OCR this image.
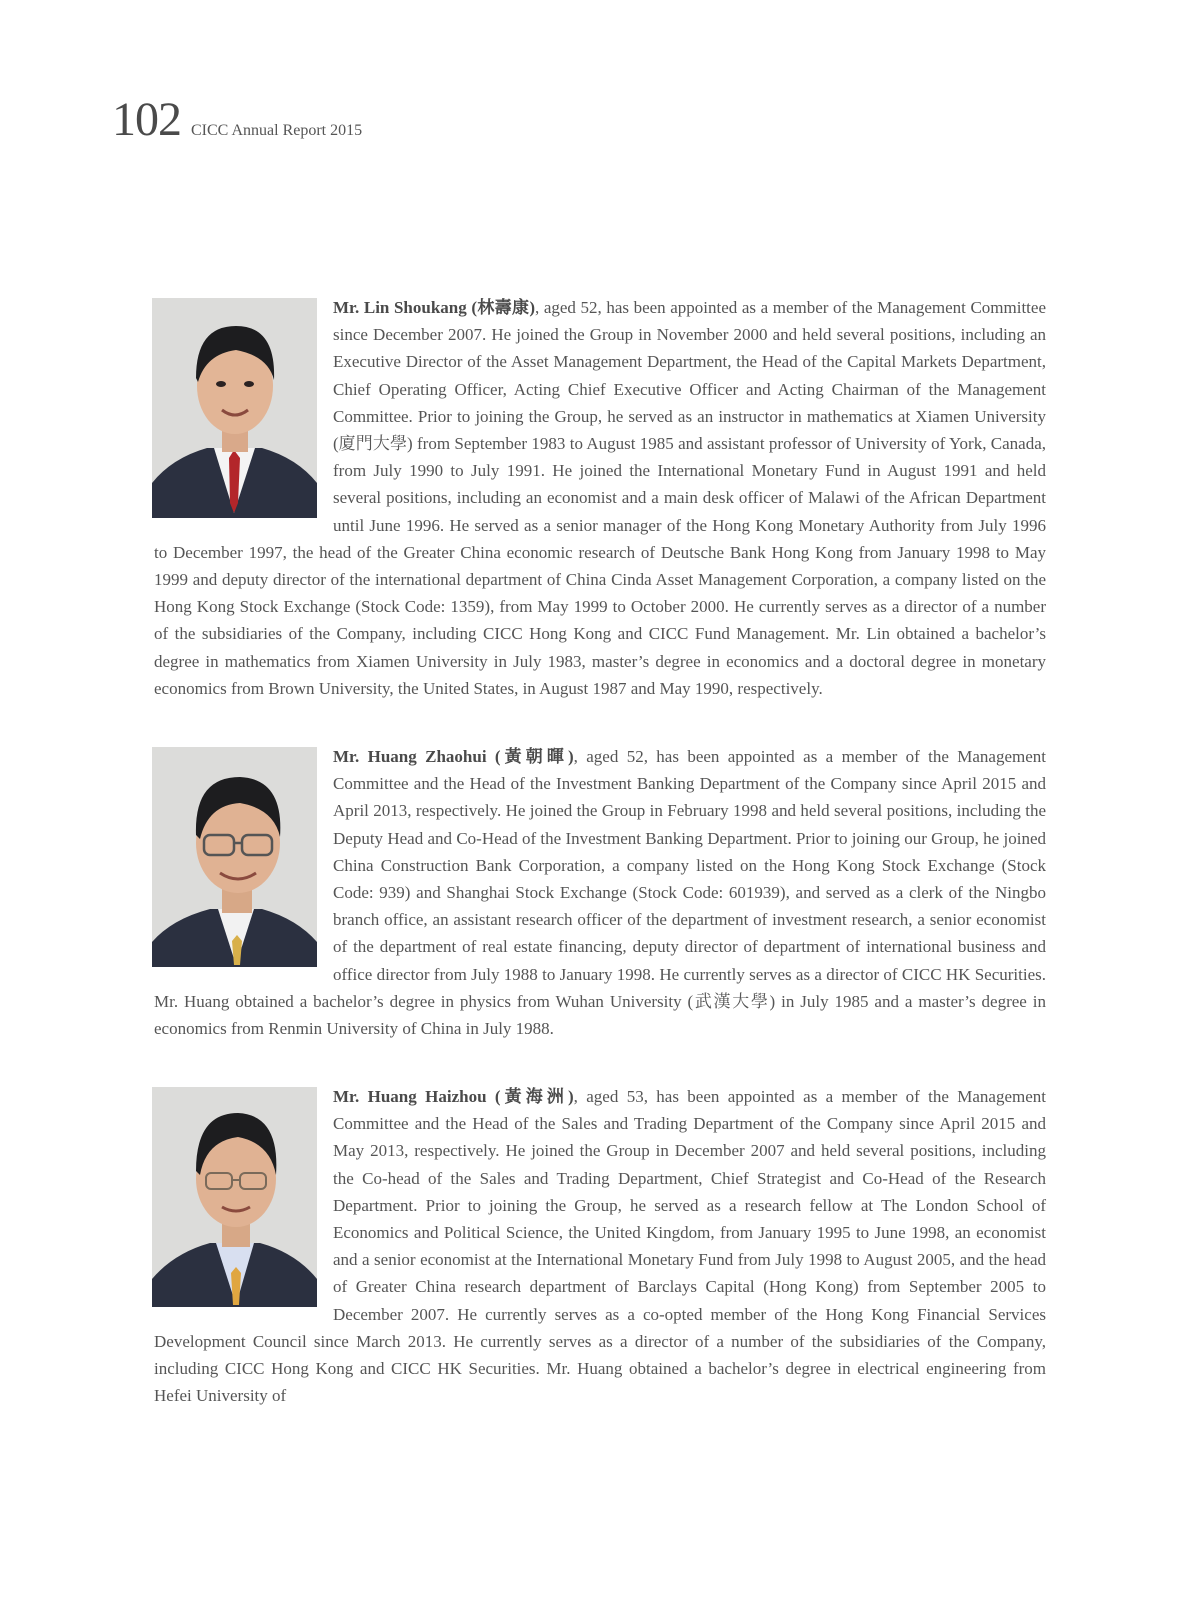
102 CICC Annual Report 2015
Mr. Lin Shoukang (林壽康), aged 52, has been appointed as a member of the Management Committee since December 2007. He joined the Group in November 2000 and held several positions, including an Executive Director of the Asset Management Department, the Head of the Capital Markets Department, Chief Operating Officer, Acting Chief Executive Officer and Acting Chairman of the Management Committee. Prior to joining the Group, he served as an instructor in mathematics at Xiamen University (廈門大學) from September 1983 to August 1985 and assistant professor of University of York, Canada, from July 1990 to July 1991. He joined the International Monetary Fund in August 1991 and held several positions, including an economist and a main desk officer of Malawi of the African Department until June 1996. He served as a senior manager of the Hong Kong Monetary Authority from July 1996 to December 1997, the head of the Greater China economic research of Deutsche Bank Hong Kong from January 1998 to May 1999 and deputy director of the international department of China Cinda Asset Management Corporation, a company listed on the Hong Kong Stock Exchange (Stock Code: 1359), from May 1999 to October 2000. He currently serves as a director of a number of the subsidiaries of the Company, including CICC Hong Kong and CICC Fund Management. Mr. Lin obtained a bachelor’s degree in mathematics from Xiamen University in July 1983, master’s degree in economics and a doctoral degree in monetary economics from Brown University, the United States, in August 1987 and May 1990, respectively.
Mr. Huang Zhaohui (黃朝暉), aged 52, has been appointed as a member of the Management Committee and the Head of the Investment Banking Department of the Company since April 2015 and April 2013, respectively. He joined the Group in February 1998 and held several positions, including the Deputy Head and Co-Head of the Investment Banking Department. Prior to joining our Group, he joined China Construction Bank Corporation, a company listed on the Hong Kong Stock Exchange (Stock Code: 939) and Shanghai Stock Exchange (Stock Code: 601939), and served as a clerk of the Ningbo branch office, an assistant research officer of the department of investment research, a senior economist of the department of real estate financing, deputy director of department of international business and office director from July 1988 to January 1998. He currently serves as a director of CICC HK Securities. Mr. Huang obtained a bachelor’s degree in physics from Wuhan University (武漢大學) in July 1985 and a master’s degree in economics from Renmin University of China in July 1988.
Mr. Huang Haizhou (黃海洲), aged 53, has been appointed as a member of the Management Committee and the Head of the Sales and Trading Department of the Company since April 2015 and May 2013, respectively. He joined the Group in December 2007 and held several positions, including the Co-head of the Sales and Trading Department, Chief Strategist and Co-Head of the Research Department. Prior to joining the Group, he served as a research fellow at The London School of Economics and Political Science, the United Kingdom, from January 1995 to June 1998, an economist and a senior economist at the International Monetary Fund from July 1998 to August 2005, and the head of Greater China research department of Barclays Capital (Hong Kong) from September 2005 to December 2007. He currently serves as a co-opted member of the Hong Kong Financial Services Development Council since March 2013. He currently serves as a director of a number of the subsidiaries of the Company, including CICC Hong Kong and CICC HK Securities. Mr. Huang obtained a bachelor’s degree in electrical engineering from Hefei University of
